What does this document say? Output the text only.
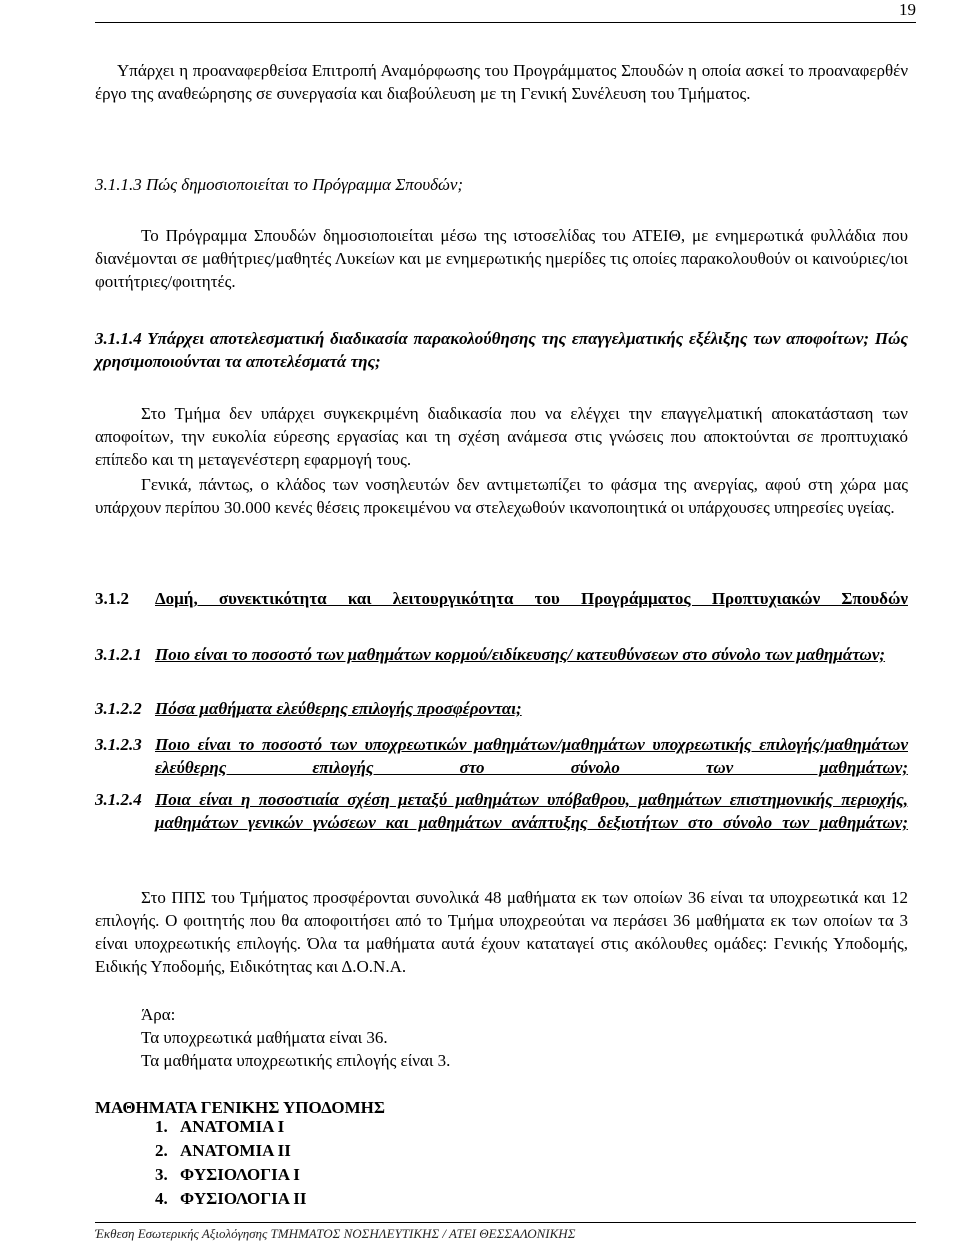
19
Υπάρχει η προαναφερθείσα Επιτροπή Αναμόρφωσης του Προγράμματος Σπουδών η οποία ασκεί το προαναφερθέν έργο της αναθεώρησης σε συνεργασία και διαβούλευση με τη Γενική Συνέλευση του Τμήματος.
3.1.1.3 Πώς δημοσιοποιείται το Πρόγραμμα Σπουδών;
Το Πρόγραμμα Σπουδών δημοσιοποιείται μέσω της ιστοσελίδας του ΑΤΕΙΘ, με ενημερωτικά φυλλάδια που διανέμονται σε μαθήτριες/μαθητές Λυκείων και με ενημερωτικής ημερίδες τις οποίες παρακολουθούν οι καινούριες/ιοι φοιτήτριες/φοιτητές.
3.1.1.4 Υπάρχει αποτελεσματική διαδικασία παρακολούθησης της επαγγελματικής εξέλιξης των αποφοίτων; Πώς χρησιμοποιούνται τα αποτελέσματά της;
Στο Τμήμα δεν υπάρχει συγκεκριμένη διαδικασία που να ελέγχει την επαγγελματική αποκατάσταση των αποφοίτων, την ευκολία εύρεσης εργασίας και τη σχέση ανάμεσα στις γνώσεις που αποκτούνται σε προπτυχιακό επίπεδο και τη μεταγενέστερη εφαρμογή τους.
Γενικά, πάντως, ο κλάδος των νοσηλευτών δεν αντιμετωπίζει το φάσμα της ανεργίας, αφού στη χώρα μας υπάρχουν περίπου 30.000 κενές θέσεις προκειμένου να στελεχωθούν ικανοποιητικά οι υπάρχουσες υπηρεσίες υγείας.
3.1.2 Δομή, συνεκτικότητα και λειτουργικότητα του Προγράμματος Προπτυχιακών Σπουδών
3.1.2.1 Ποιο είναι το ποσοστό των μαθημάτων κορμού/ειδίκευσης/ κατευθύνσεων στο σύνολο των μαθημάτων;
3.1.2.2 Πόσα μαθήματα ελεύθερης επιλογής προσφέρονται;
3.1.2.3 Ποιο είναι το ποσοστό των υποχρεωτικών μαθημάτων/μαθημάτων υποχρεωτικής επιλογής/μαθημάτων ελεύθερης επιλογής στο σύνολο των μαθημάτων;
3.1.2.4 Ποια είναι η ποσοστιαία σχέση μεταξύ μαθημάτων υπόβαθρου, μαθημάτων επιστημονικής περιοχής, μαθημάτων γενικών γνώσεων και μαθημάτων ανάπτυξης δεξιοτήτων στο σύνολο των μαθημάτων;
Στο ΠΠΣ του Τμήματος προσφέρονται συνολικά 48 μαθήματα εκ των οποίων 36 είναι τα υποχρεωτικά και 12 επιλογής. Ο φοιτητής που θα αποφοιτήσει από το Τμήμα υποχρεούται να περάσει 36 μαθήματα εκ των οποίων τα 3 είναι υποχρεωτικής επιλογής. Όλα τα μαθήματα αυτά έχουν καταταγεί στις ακόλουθες ομάδες: Γενικής Υποδομής, Ειδικής Υποδομής, Ειδικότητας και Δ.Ο.Ν.Α.
Άρα:
Τα υποχρεωτικά μαθήματα είναι 36.
Τα μαθήματα υποχρεωτικής επιλογής είναι 3.
ΜΑΘΗΜΑΤΑ ΓΕΝΙΚΗΣ ΥΠΟΔΟΜΗΣ
1. ΑΝΑΤΟΜΙΑ Ι
2. ΑΝΑΤΟΜΙΑ ΙΙ
3. ΦΥΣΙΟΛΟΓΙΑ Ι
4. ΦΥΣΙΟΛΟΓΙΑ ΙΙ
Έκθεση Εσωτερικής Αξιολόγησης ΤΜΗΜΑΤΟΣ ΝΟΣΗΛΕΥΤΙΚΗΣ / ΑΤΕΙ ΘΕΣΣΑΛΟΝΙΚΗΣ
